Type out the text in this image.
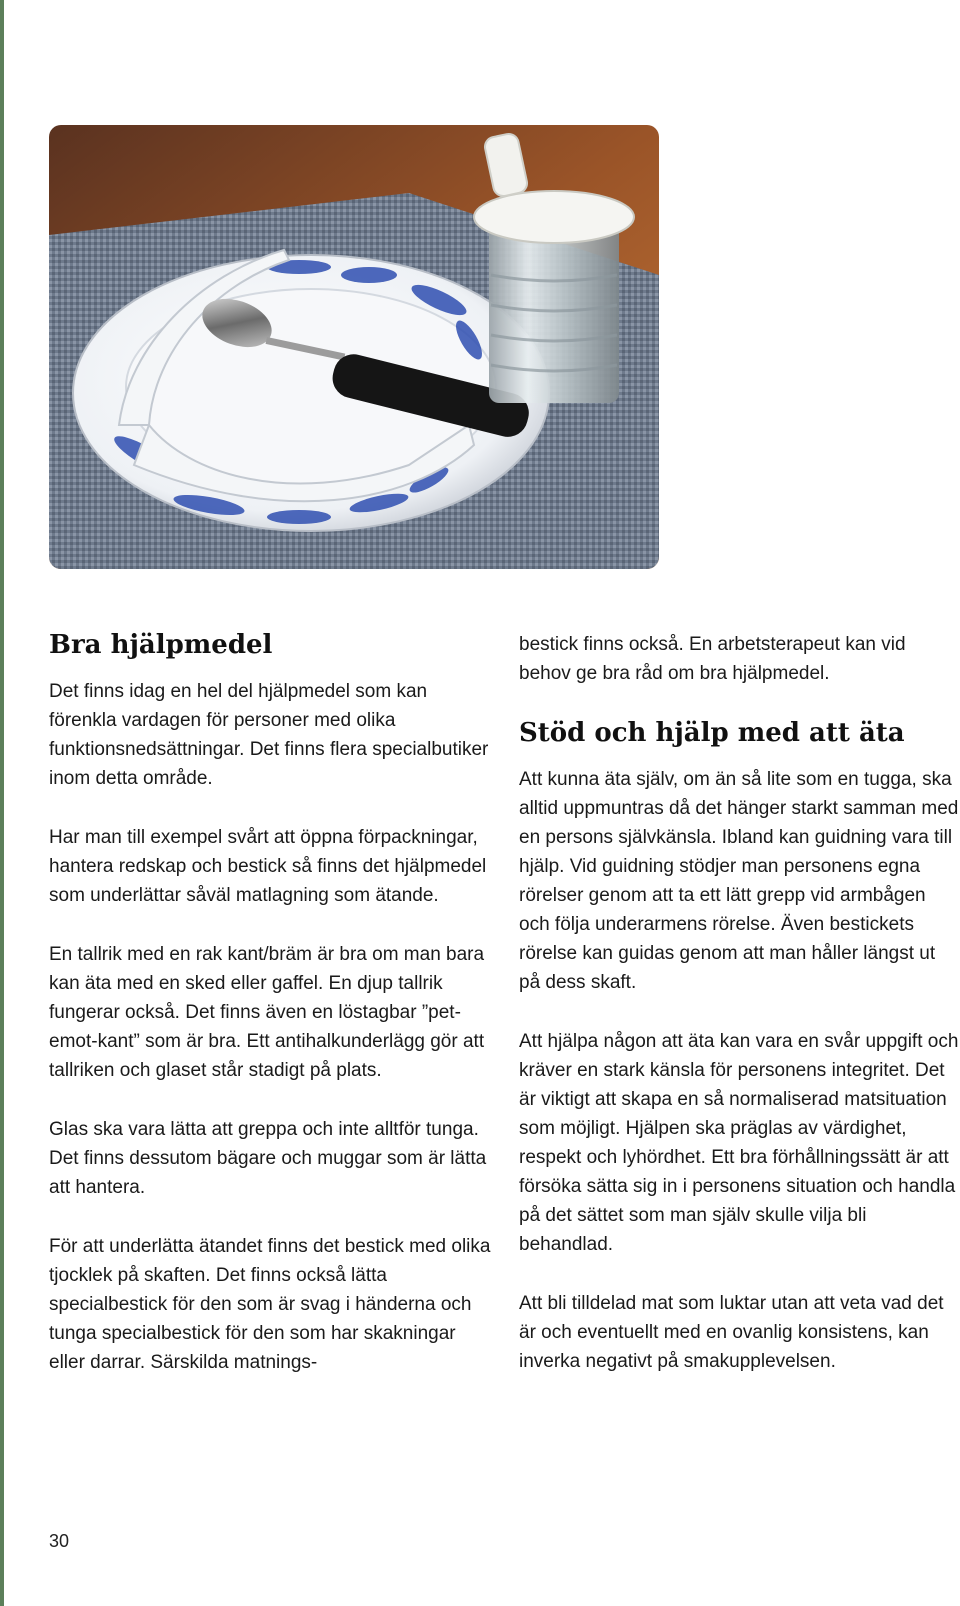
Bra hjälpmedel

Det finns idag en hel del hjälpmedel som kan förenkla vardagen för personer med olika funktionsnedsättningar. Det finns flera specialbutiker inom detta område.

Har man till exempel svårt att öppna förpackningar, hantera redskap och bestick så finns det hjälpmedel som underlättar såväl matlagning som ätande.

En tallrik med en rak kant/bräm är bra om man bara kan äta med en sked eller gaffel. En djup tallrik fungerar också. Det finns även en löstagbar ”pet-emot-kant” som är bra. Ett antihalkunderlägg gör att tallriken och glaset står stadigt på plats.

Glas ska vara lätta att greppa och inte alltför tunga. Det finns dessutom bägare och muggar som är lätta att hantera.

För att underlätta ätandet finns det bestick med olika tjocklek på skaften. Det finns också lätta specialbestick för den som är svag i händerna och tunga specialbestick för den som har skakningar eller darrar. Särskilda matnings-

bestick finns också. En arbetsterapeut kan vid behov ge bra råd om bra hjälpmedel.

Stöd och hjälp med att äta

Att kunna äta själv, om än så lite som en tugga, ska alltid uppmuntras då det hänger starkt samman med en persons självkänsla. Ibland kan guidning vara till hjälp. Vid guidning stödjer man personens egna rörelser genom att ta ett lätt grepp vid armbågen och följa underarmens rörelse. Även bestickets rörelse kan guidas genom att man håller längst ut på dess skaft.

Att hjälpa någon att äta kan vara en svår uppgift och kräver en stark känsla för personens integritet. Det är viktigt att skapa en så normaliserad matsituation som möjligt. Hjälpen ska präglas av värdighet, respekt och lyhördhet. Ett bra förhållningssätt är att försöka sätta sig in i personens situation och handla på det sättet som man själv skulle vilja bli behandlad.

Att bli tilldelad mat som luktar utan att veta vad det är och eventuellt med en ovanlig konsistens, kan inverka negativt på smakupplevelsen.

30
